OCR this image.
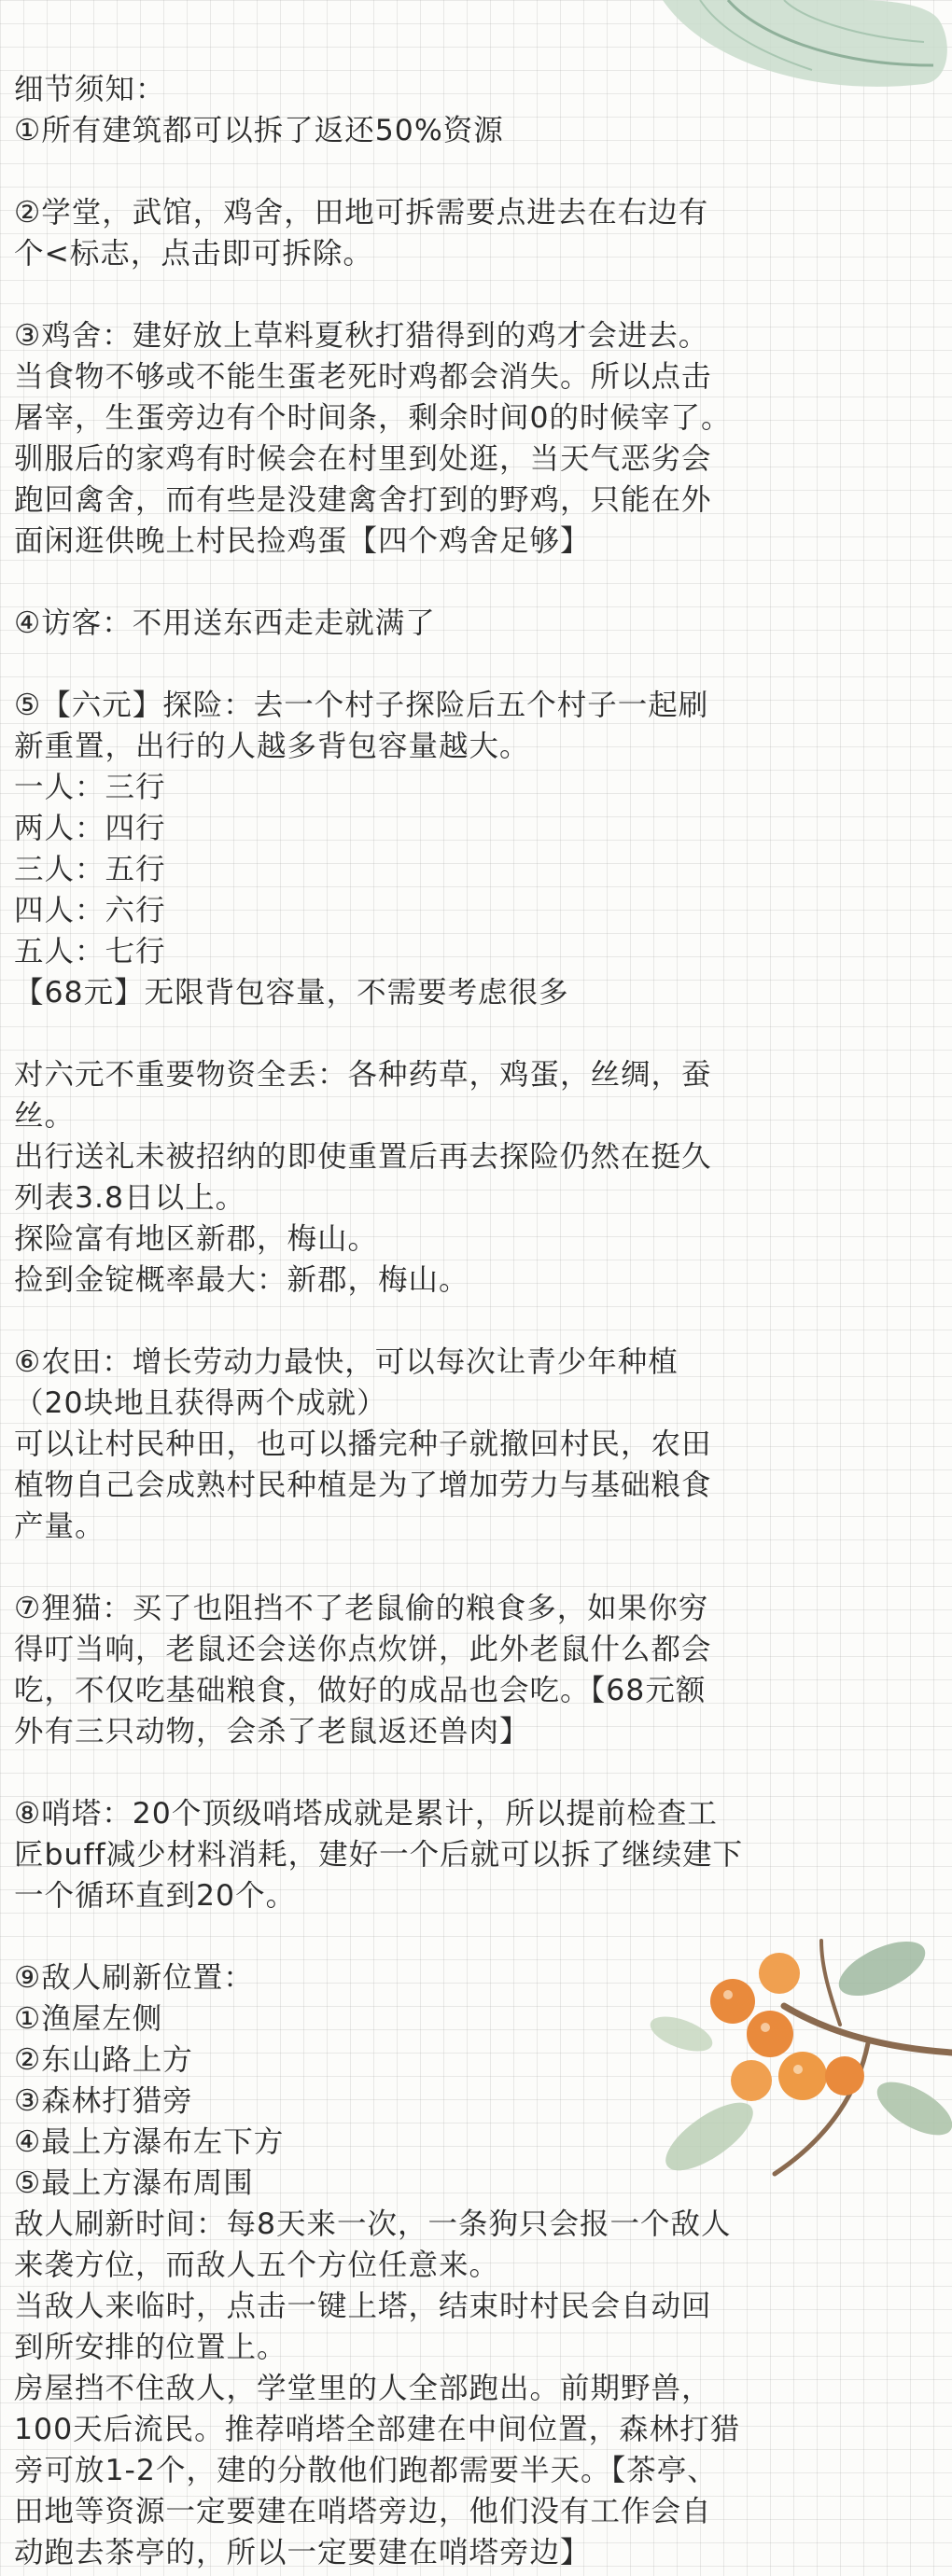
细节须知：
①所有建筑都可以拆了返还50%资源
②学堂，武馆，鸡舍，田地可拆需要点进去在右边有
个<标志，点击即可拆除。
③鸡舍：建好放上草料夏秋打猎得到的鸡才会进去。
当食物不够或不能生蛋老死时鸡都会消失。所以点击
屠宰，生蛋旁边有个时间条，剩余时间0的时候宰了。
驯服后的家鸡有时候会在村里到处逛，当天气恶劣会
跑回禽舍，而有些是没建禽舍打到的野鸡，只能在外
面闲逛供晚上村民捡鸡蛋【四个鸡舍足够】
④访客：不用送东西走走就满了
⑤【六元】探险：去一个村子探险后五个村子一起刷
新重置，出行的人越多背包容量越大。
一人：三行
两人：四行
三人：五行
四人：六行
五人：七行
【68元】无限背包容量，不需要考虑很多
对六元不重要物资全丢：各种药草，鸡蛋，丝绸，蚕
丝。
出行送礼未被招纳的即使重置后再去探险仍然在挺久
列表3.8日以上。
探险富有地区新郡，梅山。
捡到金锭概率最大：新郡，梅山。
⑥农田：增长劳动力最快，可以每次让青少年种植
（20块地且获得两个成就）
可以让村民种田，也可以播完种子就撤回村民，农田
植物自己会成熟村民种植是为了增加劳力与基础粮食
产量。
⑦狸猫：买了也阻挡不了老鼠偷的粮食多，如果你穷
得叮当响，老鼠还会送你点炊饼，此外老鼠什么都会
吃，不仅吃基础粮食，做好的成品也会吃。【68元额
外有三只动物，会杀了老鼠返还兽肉】
⑧哨塔：20个顶级哨塔成就是累计，所以提前检查工
匠buff减少材料消耗，建好一个后就可以拆了继续建下
一个循环直到20个。
⑨敌人刷新位置：
①渔屋左侧
②东山路上方
③森林打猎旁
④最上方瀑布左下方
⑤最上方瀑布周围
敌人刷新时间：每8天来一次，一条狗只会报一个敌人
来袭方位，而敌人五个方位任意来。
当敌人来临时，点击一键上塔，结束时村民会自动回
到所安排的位置上。
房屋挡不住敌人，学堂里的人全部跑出。前期野兽，
100天后流民。推荐哨塔全部建在中间位置，森林打猎
旁可放1-2个，建的分散他们跑都需要半天。【茶亭、
田地等资源一定要建在哨塔旁边，他们没有工作会自
动跑去茶亭的，所以一定要建在哨塔旁边】
